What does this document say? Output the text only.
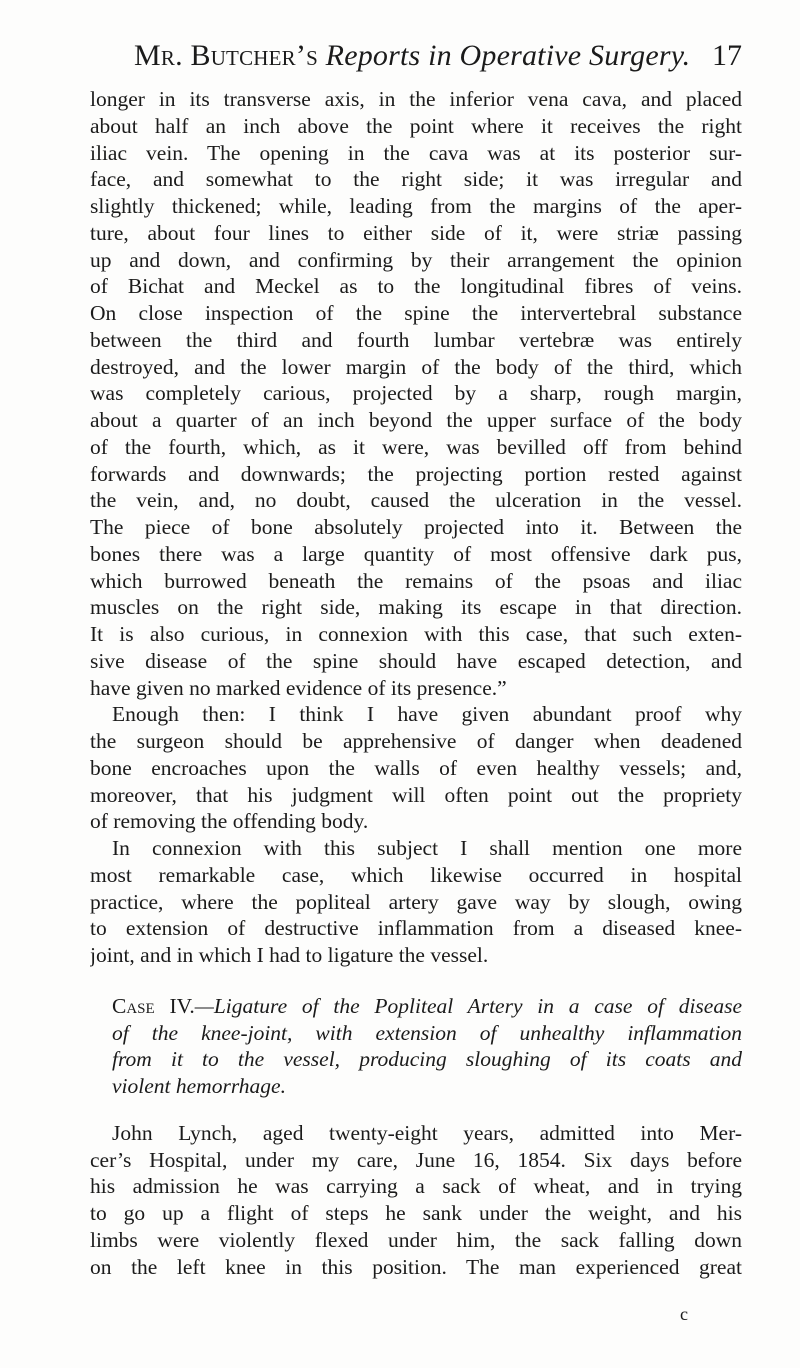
Mr. Butcher’s Reports in Operative Surgery. 17
longer in its transverse axis, in the inferior vena cava, and placed
about half an inch above the point where it receives the right
iliac vein. The opening in the cava was at its posterior sur-
face, and somewhat to the right side; it was irregular and
slightly thickened; while, leading from the margins of the aper-
ture, about four lines to either side of it, were striæ passing
up and down, and confirming by their arrangement the opinion
of Bichat and Meckel as to the longitudinal fibres of veins.
On close inspection of the spine the intervertebral substance
between the third and fourth lumbar vertebræ was entirely
destroyed, and the lower margin of the body of the third, which
was completely carious, projected by a sharp, rough margin,
about a quarter of an inch beyond the upper surface of the body
of the fourth, which, as it were, was bevilled off from behind
forwards and downwards; the projecting portion rested against
the vein, and, no doubt, caused the ulceration in the vessel.
The piece of bone absolutely projected into it. Between the
bones there was a large quantity of most offensive dark pus,
which burrowed beneath the remains of the psoas and iliac
muscles on the right side, making its escape in that direction.
It is also curious, in connexion with this case, that such exten-
sive disease of the spine should have escaped detection, and
have given no marked evidence of its presence.”
Enough then: I think I have given abundant proof why
the surgeon should be apprehensive of danger when deadened
bone encroaches upon the walls of even healthy vessels; and,
moreover, that his judgment will often point out the propriety
of removing the offending body.
In connexion with this subject I shall mention one more
most remarkable case, which likewise occurred in hospital
practice, where the popliteal artery gave way by slough, owing
to extension of destructive inflammation from a diseased knee-
joint, and in which I had to ligature the vessel.
Case IV.—Ligature of the Popliteal Artery in a case of disease
of the knee-joint, with extension of unhealthy inflammation
from it to the vessel, producing sloughing of its coats and
violent hemorrhage.
John Lynch, aged twenty-eight years, admitted into Mer-
cer’s Hospital, under my care, June 16, 1854. Six days before
his admission he was carrying a sack of wheat, and in trying
to go up a flight of steps he sank under the weight, and his
limbs were violently flexed under him, the sack falling down
on the left knee in this position. The man experienced great
c
